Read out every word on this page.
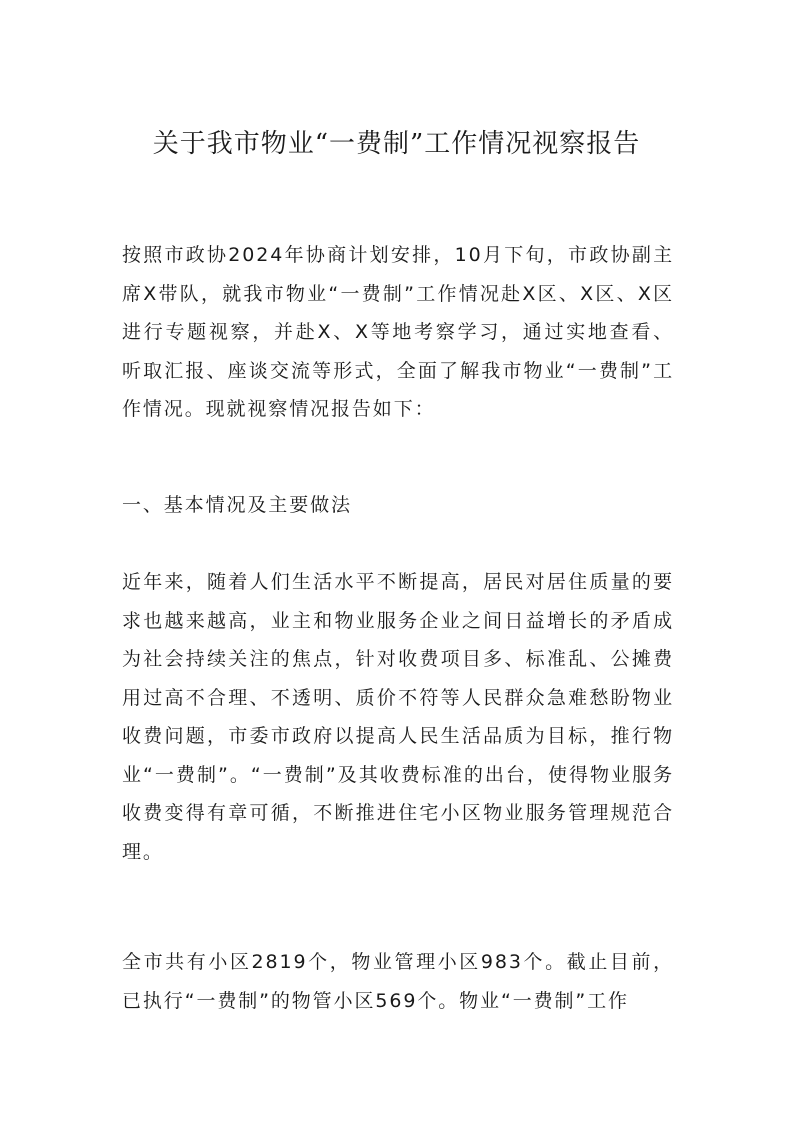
关于我市物业“一费制”工作情况视察报告

按照市政协2024年协商计划安排，10月下旬，市政协副主席X带队，就我市物业“一费制”工作情况赴X区、X区、X区进行专题视察，并赴X、X等地考察学习，通过实地查看、听取汇报、座谈交流等形式，全面了解我市物业“一费制”工作情况。现就视察情况报告如下：

一、基本情况及主要做法

近年来，随着人们生活水平不断提高，居民对居住质量的要求也越来越高，业主和物业服务企业之间日益增长的矛盾成为社会持续关注的焦点，针对收费项目多、标准乱、公摊费用过高不合理、不透明、质价不符等人民群众急难愁盼物业收费问题，市委市政府以提高人民生活品质为目标，推行物业“一费制”。“一费制”及其收费标准的出台，使得物业服务收费变得有章可循，不断推进住宅小区物业服务管理规范合理。

全市共有小区2819个，物业管理小区983个。截止目前，已执行“一费制”的物管小区569个。物业“一费制”工作
